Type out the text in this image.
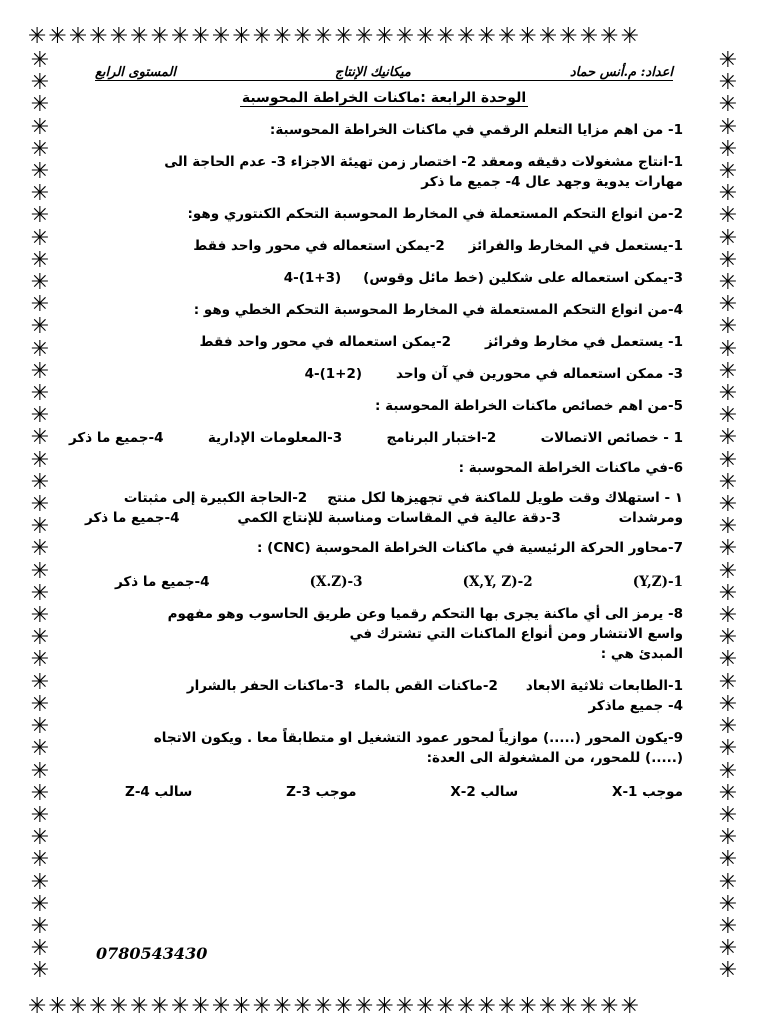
✳✳✳✳✳✳✳✳✳✳✳✳✳✳✳✳✳✳✳✳✳✳✳✳✳✳✳✳✳✳
✳✳✳✳✳✳✳✳✳✳✳✳✳✳✳✳✳✳✳✳✳✳✳✳✳✳✳✳✳✳
✳
✳
✳
✳
✳
✳
✳
✳
✳
✳
✳
✳
✳
✳
✳
✳
✳
✳
✳
✳
✳
✳
✳
✳
✳
✳
✳
✳
✳
✳
✳
✳
✳
✳
✳
✳
✳
✳
✳
✳
✳
✳
✳
✳
✳
✳
✳
✳
✳
✳
✳
✳
✳
✳
✳
✳
✳
✳
✳
✳
✳
✳
✳
✳
✳
✳
✳
✳
✳
✳
✳
✳
✳
✳
✳
✳
✳
✳
✳
✳
✳
✳
✳
✳
اعداد: م.أنس حماد
ميكانيك الإنتاج
المستوى الرابع
الوحدة الرابعة :ماكنات الخراطة المحوسبة

1- من اهم مزايا التعلم الرقمي في ماكنات الخراطة المحوسبة:

1-انتاج مشغولات دقيقه ومعقد 2- اختصار زمن تهيئة الاجزاء 3- عدم الحاجة الى

مهارات يدوية وجهد عال 4- جميع ما ذكر

2-من انواع التحكم المستعملة في المخارط المحوسبة التحكم الكنتوري وهو:

1-يستعمل في المخارط والفرائز
2-يمكن استعماله في محور واحد فقط
3-يمكن استعماله على شكلين (خط مائل وقوس)
4-(1+3)

4-من انواع التحكم المستعملة في المخارط المحوسبة التحكم الخطي وهو :

1- يستعمل في مخارط وفرائز
2-يمكن استعماله في محور واحد فقط
3- ممكن استعماله في محورين في آن واحد
4-(1+2)

5-من اهم خصائص ماكنات الخراطة المحوسبة :

1 - خصائص الاتصالات
2-اختبار البرنامج
3-المعلومات الإدارية
4-جميع ما ذكر

6-في ماكنات الخراطة المحوسبة :

١ - استهلاك وقت طويل للماكنة في تجهيزها لكل منتج
2-الحاجة الكبيرة إلى مثبتات
ومرشدات
3-دقة عالية في المقاسات ومناسبة للإنتاج الكمي
4-جميع ما ذكر

7-محاور الحركة الرئيسية في ماكنات الخراطة المحوسبة (CNC) :

(Y,Z)-1
(X,Y, Z)-2
(X.Z)-3
4-جميع ما ذكر

8- يرمز الى أي ماكنة يجرى بها التحكم رقميا وعن طريق الحاسوب وهو مفهوم

واسع الانتشار ومن أنواع الماكنات التي تشترك في

المبدئ هي :

1-الطابعات ثلاثية الابعاد
2-ماكنات القص بالماء
3-ماكنات الحفر بالشرار

4- جميع ماذكر

9-يكون المحور (.....) موازياً لمحور عمود التشغيل او متطابقاً معا . ويكون الاتجاه

(.....) للمحور، من المشغولة الى العدة:

موجب 1-X
سالب 2-X
موجب 3-Z
سالب 4-Z
0780543430
